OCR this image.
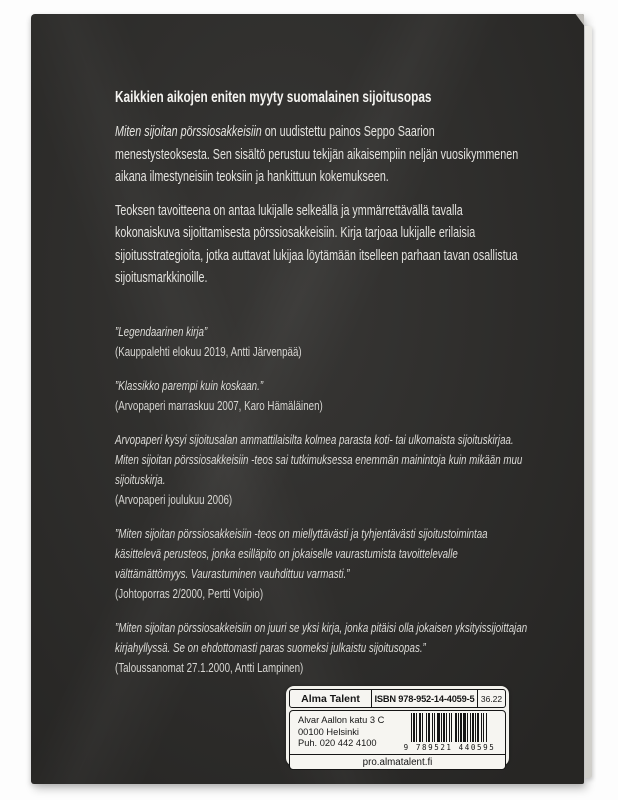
Kaikkien aikojen eniten myyty suomalainen sijoitusopas

Miten sijoitan pörssiosakkeisiin on uudistettu painos Seppo Saarion menestysteoksesta. Sen sisältö perustuu tekijän aikaisempiin neljän vuosikymmenen aikana ilmestyneisiin teoksiin ja hankittuun kokemukseen.

Teoksen tavoitteena on antaa lukijalle selkeällä ja ymmärrettävällä tavalla kokonaiskuva sijoittamisesta pörssiosakkeisiin. Kirja tarjoaa lukijalle erilaisia sijoitusstrategioita, jotka auttavat lukijaa löytämään itselleen parhaan tavan osallistua sijoitusmarkkinoille.

”Legendaarinen kirja”

(Kauppalehti elokuu 2019, Antti Järvenpää)

”Klassikko parempi kuin koskaan.”

(Arvopaperi marraskuu 2007, Karo Hämäläinen)

Arvopaperi kysyi sijoitusalan ammattilaisilta kolmea parasta koti- tai ulkomaista sijoituskirjaa. Miten sijoitan pörssiosakkeisiin -teos sai tutkimuksessa enemmän mainintoja kuin mikään muu sijoituskirja.

(Arvopaperi joulukuu 2006)

”Miten sijoitan pörssiosakkeisiin -teos on miellyttävästi ja tyhjentävästi sijoitustoimintaa käsittelevä perusteos, jonka esilläpito on jokaiselle vaurastumista tavoittelevalle välttämättömyys. Vaurastuminen vauhdittuu varmasti.”

(Johtoporras 2/2000, Pertti Voipio)

”Miten sijoitan pörssiosakkeisiin on juuri se yksi kirja, jonka pitäisi olla jokaisen yksityissijoittajan kirjahyllyssä. Se on ehdottomasti paras suomeksi julkaistu sijoitusopas.”

(Taloussanomat 27.1.2000, Antti Lampinen)

Alma Talent	ISBN 978-952-14-4059-5 36.22
Alvar Aallon katu 3 C
00100 Helsinki
Puh. 020 442 4100	9 789521 440595
pro.almatalent.fi
